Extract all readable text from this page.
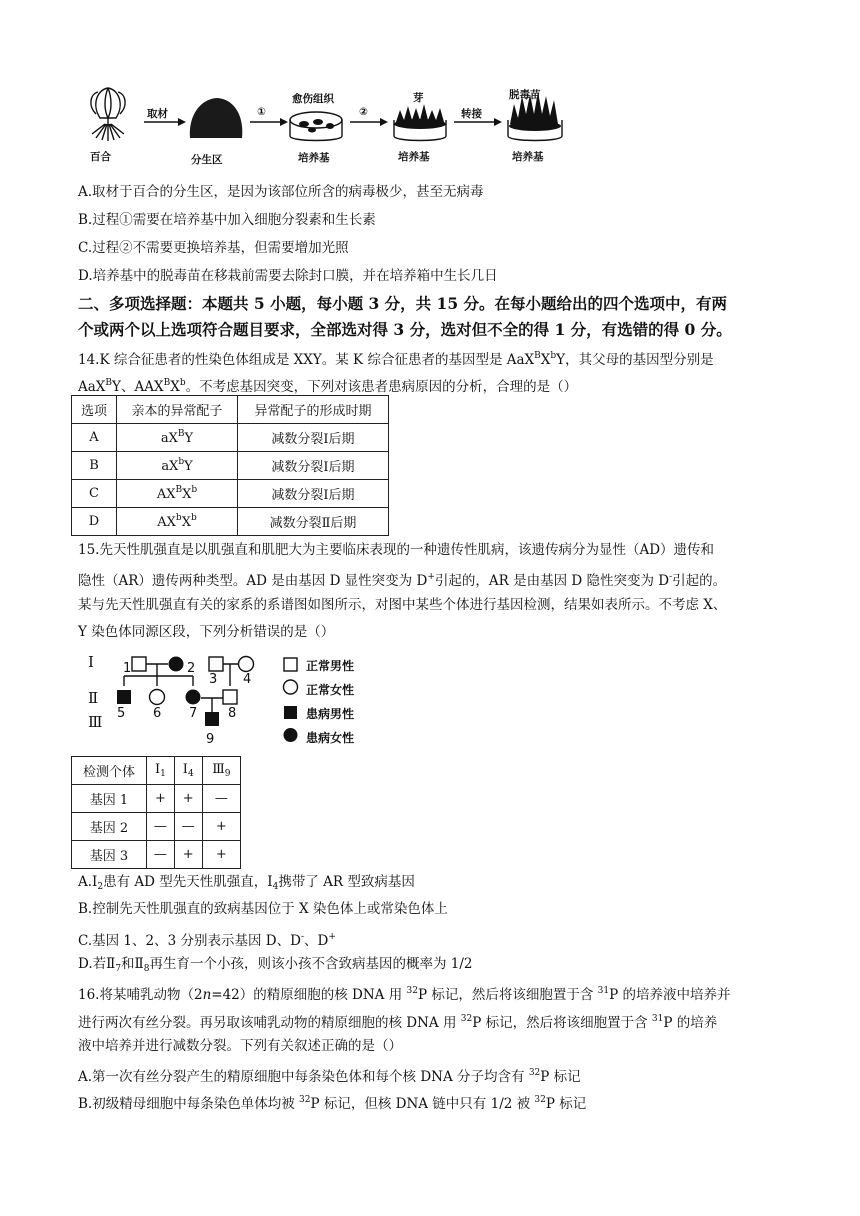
百合	分生区	培养基	培养基	培养基
愈伤组织	芽	脱毒苗
取材	①	②	转接
A.取材于百合的分生区，是因为该部位所含的病毒极少，甚至无病毒
B.过程①需要在培养基中加入细胞分裂素和生长素
C.过程②不需要更换培养基，但需要增加光照
D.培养基中的脱毒苗在移栽前需要去除封口膜，并在培养箱中生长几日
二、多项选择题：本题共 5 小题，每小题 3 分，共 15 分。在每小题给出的四个选项中，有两
个或两个以上选项符合题目要求，全部选对得 3 分，选对但不全的得 1 分，有选错的得 0 分。
14.K 综合征患者的性染色体组成是 XXY。某 K 综合征患者的基因型是 $AaX^BX^bY$，其父母的基因型分别是
AaX$^B$Y、$AAX^BX^b$。不考虑基因突变，下列对该患者患病原因的分析，合理的是（）
选项	亲本的异常配子	异常配子的形成时期
A	$aX^BY$	减数分裂Ⅰ后期
B	$aX^bY$	减数分裂Ⅰ后期
C	$AX^BX^b$	减数分裂Ⅰ后期
D	$AX^bX^b$	减数分裂Ⅱ后期
15.先天性肌强直是以肌强直和肌肥大为主要临床表现的一种遗传性肌病，该遗传病分为显性（AD）遗传和
隐性（AR）遗传两种类型。AD 是由基因 D 显性突变为 D+引起的，AR 是由基因 D 隐性突变为 D-引起的。
某与先天性肌强直有关的家系的系谱图如图所示，对图中某些个体进行基因检测，结果如表所示。不考虑 X、
Y 染色体同源区段，下列分析错误的是（）
Ⅰ
Ⅱ
Ⅲ
1	2
3 4
5 6 7 8
9
正常男性
正常女性
患病男性
患病女性
检测个体	$I_1$	$I_4$	$Ⅲ_9$
基因 1	+	+	—
基因 2	—	—	+
基因 3	—	+	+
$A.I_2$患有 AD 型先天性肌强直，$I_4$携带了 AR 型致病基因
B.控制先天性肌强直的致病基因位于 X 染色体上或常染色体上
C.基因 1、2、3 分别表示基因 D、D-、D+
D.若$Ⅱ_7$和$Ⅱ_8$再生育一个小孩，则该小孩不含致病基因的概率为 1/2
16.将某哺乳动物（2n=42）的精原细胞的核 DNA 用 $^{32}$P 标记，然后将该细胞置于含 $^{31}$P 的培养液中培养并
进行两次有丝分裂。再另取该哺乳动物的精原细胞的核 DNA 用 $^{32}$P 标记，然后将该细胞置于含 $^{31}$P 的培养
液中培养并进行减数分裂。下列有关叙述正确的是（）
A.第一次有丝分裂产生的精原细胞中每条染色体和每个核 DNA 分子均含有 $^{32}$P 标记
B.初级精母细胞中每条染色单体均被 $^{32}$P 标记，但核 DNA 链中只有 1/2 被 $^{32}$P 标记
